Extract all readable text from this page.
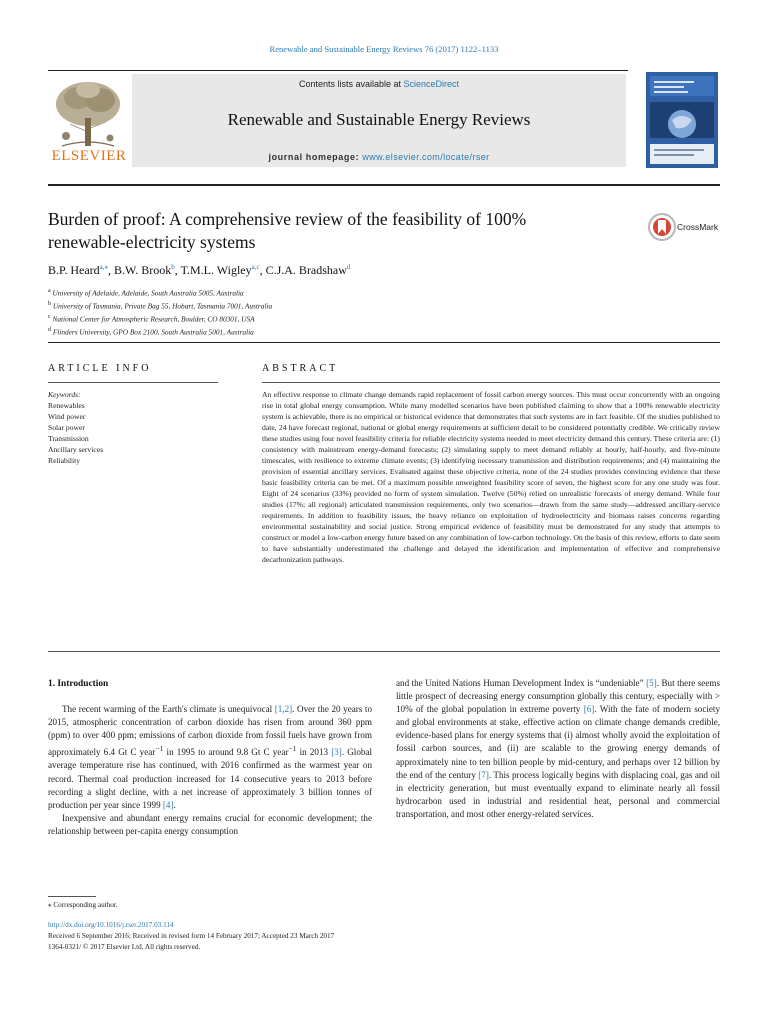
Renewable and Sustainable Energy Reviews 76 (2017) 1122–1133
ELSEVIER
Contents lists available at ScienceDirect
Renewable and Sustainable Energy Reviews
journal homepage: www.elsevier.com/locate/rser
Burden of proof: A comprehensive review of the feasibility of 100% renewable-electricity systems
CrossMark
B.P. Heard$^{a,⁎}$, B.W. Brook$^b$, T.M.L. Wigley$^{a,c}$, C.J.A. Bradshaw$^d$
$^a$ University of Adelaide, Adelaide, South Australia 5005, Australia
$^b$ University of Tasmania, Private Bag 55, Hobart, Tasmania 7001, Australia
$^c$ National Center for Atmospheric Research, Boulder, CO 80301, USA
$^d$ Flinders University, GPO Box 2100, South Australia 5001, Australia
ARTICLE INFO
Keywords:
Renewables
Wind power
Solar power
Transmission
Ancillary services
Reliability
ABSTRACT
An effective response to climate change demands rapid replacement of fossil carbon energy sources. This must occur concurrently with an ongoing rise in total global energy consumption. While many modelled scenarios have been published claiming to show that a 100% renewable electricity system is achievable, there is no empirical or historical evidence that demonstrates that such systems are in fact feasible. Of the studies published to date, 24 have forecast regional, national or global energy requirements at sufficient detail to be considered potentially credible. We critically review these studies using four novel feasibility criteria for reliable electricity systems needed to meet electricity demand this century. These criteria are: (1) consistency with mainstream energy-demand forecasts; (2) simulating supply to meet demand reliably at hourly, half-hourly, and five-minute timescales, with resilience to extreme climate events; (3) identifying necessary transmission and distribution requirements; and (4) maintaining the provision of essential ancillary services. Evaluated against these objective criteria, none of the 24 studies provides convincing evidence that these basic feasibility criteria can be met. Of a maximum possible unweighted feasibility score of seven, the highest score for any one study was four. Eight of 24 scenarios (33%) provided no form of system simulation. Twelve (50%) relied on unrealistic forecasts of energy demand. While four studies (17%; all regional) articulated transmission requirements, only two scenarios—drawn from the same study—addressed ancillary-service requirements. In addition to feasibility issues, the heavy reliance on exploitation of hydroelectricity and biomass raises concerns regarding environmental sustainability and social justice. Strong empirical evidence of feasibility must be demonstrated for any study that attempts to construct or model a low-carbon energy future based on any combination of low-carbon technology. On the basis of this review, efforts to date seem to have substantially underestimated the challenge and delayed the identification and implementation of effective and comprehensive decarbonization pathways.
1. Introduction

The recent warming of the Earth's climate is unequivocal [1,2]. Over the 20 years to 2015, atmospheric concentration of carbon dioxide has risen from around 360 ppm (ppm) to over 400 ppm; emissions of carbon dioxide from fossil fuels have grown from approximately 6.4 Gt C year$^{-1}$ in 1995 to around 9.8 Gt C year$^{-1}$ in 2013 [3]. Global average temperature rise has continued, with 2016 confirmed as the warmest year on record. Thermal coal production increased for 14 consecutive years to 2013 before recording a slight decline, with a net increase of approximately 3 billion tonnes of production per year since 1999 [4].

Inexpensive and abundant energy remains crucial for economic development; the relationship between per-capita energy consumption

and the United Nations Human Development Index is “undeniable” [5]. But there seems little prospect of decreasing energy consumption globally this century, especially with > 10% of the global population in extreme poverty [6]. With the fate of modern society and global environments at stake, effective action on climate change demands credible, evidence-based plans for energy systems that (i) almost wholly avoid the exploitation of fossil carbon sources, and (ii) are scalable to the growing energy demands of approximately nine to ten billion people by mid-century, and perhaps over 12 billion by the end of the century [7]. This process logically begins with displacing coal, gas and oil in electricity generation, but must eventually expand to eliminate nearly all fossil hydrocarbon used in industrial and residential heat, personal and commercial transportation, and most other energy-related services.

⁎ Corresponding author.
http://dx.doi.org/10.1016/j.rser.2017.03.114
Received 6 September 2016; Received in revised form 14 February 2017; Accepted 23 March 2017
1364-0321/ © 2017 Elsevier Ltd. All rights reserved.
